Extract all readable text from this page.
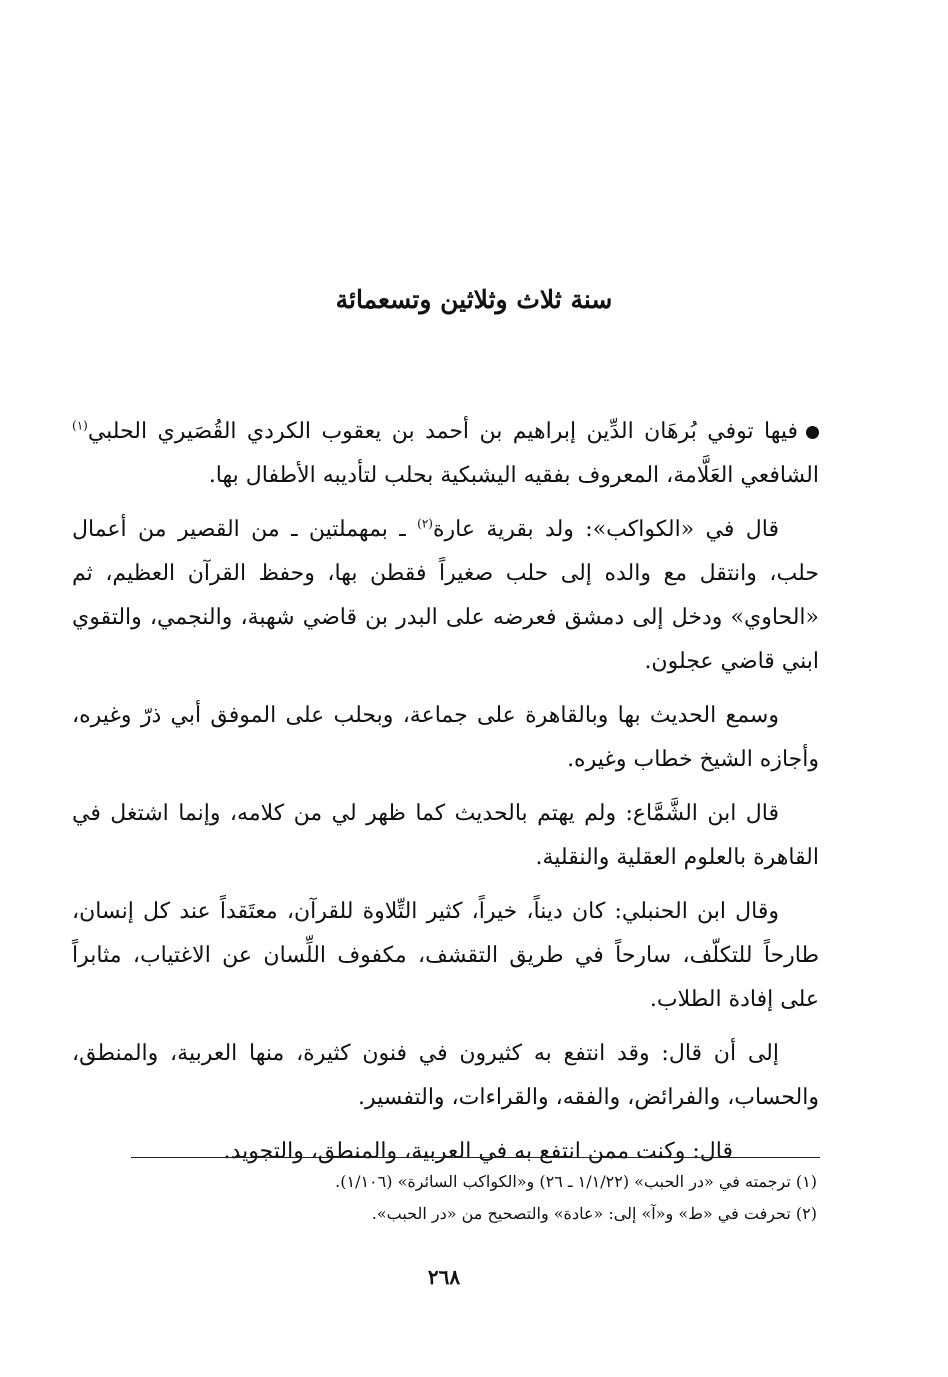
سنة ثلاث وثلاثين وتسعمائة

فيها توفي بُرهَان الدِّين إبراهيم بن أحمد بن يعقوب الكردي القُصَيري الحلبي$^{(١)}$ الشافعي العَلَّامة، المعروف بفقيه اليشبكية بحلب لتأديبه الأطفال بها.

قال في «الكواكب»: ولد بقرية عارة$^{(٢)}$ ـ بمهملتين ـ من القصير من أعمال حلب، وانتقل مع والده إلى حلب صغيراً فقطن بها، وحفظ القرآن العظيم، ثم «الحاوي» ودخل إلى دمشق فعرضه على البدر بن قاضي شهبة، والنجمي، والتقوي ابني قاضي عجلون.

وسمع الحديث بها وبالقاهرة على جماعة، وبحلب على الموفق أبي ذرّ وغيره، وأجازه الشيخ خطاب وغيره.

قال ابن الشَّمَّاع: ولم يهتم بالحديث كما ظهر لي من كلامه، وإنما اشتغل في القاهرة بالعلوم العقلية والنقلية.

وقال ابن الحنبلي: كان ديناً، خيراً، كثير التِّلاوة للقرآن، معتَقداً عند كل إنسان، طارحاً للتكلّف، سارحاً في طريق التقشف، مكفوف اللِّسان عن الاغتياب، مثابراً على إفادة الطلاب.

إلى أن قال: وقد انتفع به كثيرون في فنون كثيرة، منها العربية، والمنطق، والحساب، والفرائض، والفقه، والقراءات، والتفسير.

قال: وكنت ممن انتفع به في العربية، والمنطق، والتجويد.

(١) ترجمته في «در الحبب» (١/١/٢٢ ـ ٢٦) و«الكواكب السائرة» (١/١٠٦).

(٢) تحرفت في «ط» و«آ» إلى: «عادة» والتصحيح من «در الحبب».

٢٦٨
